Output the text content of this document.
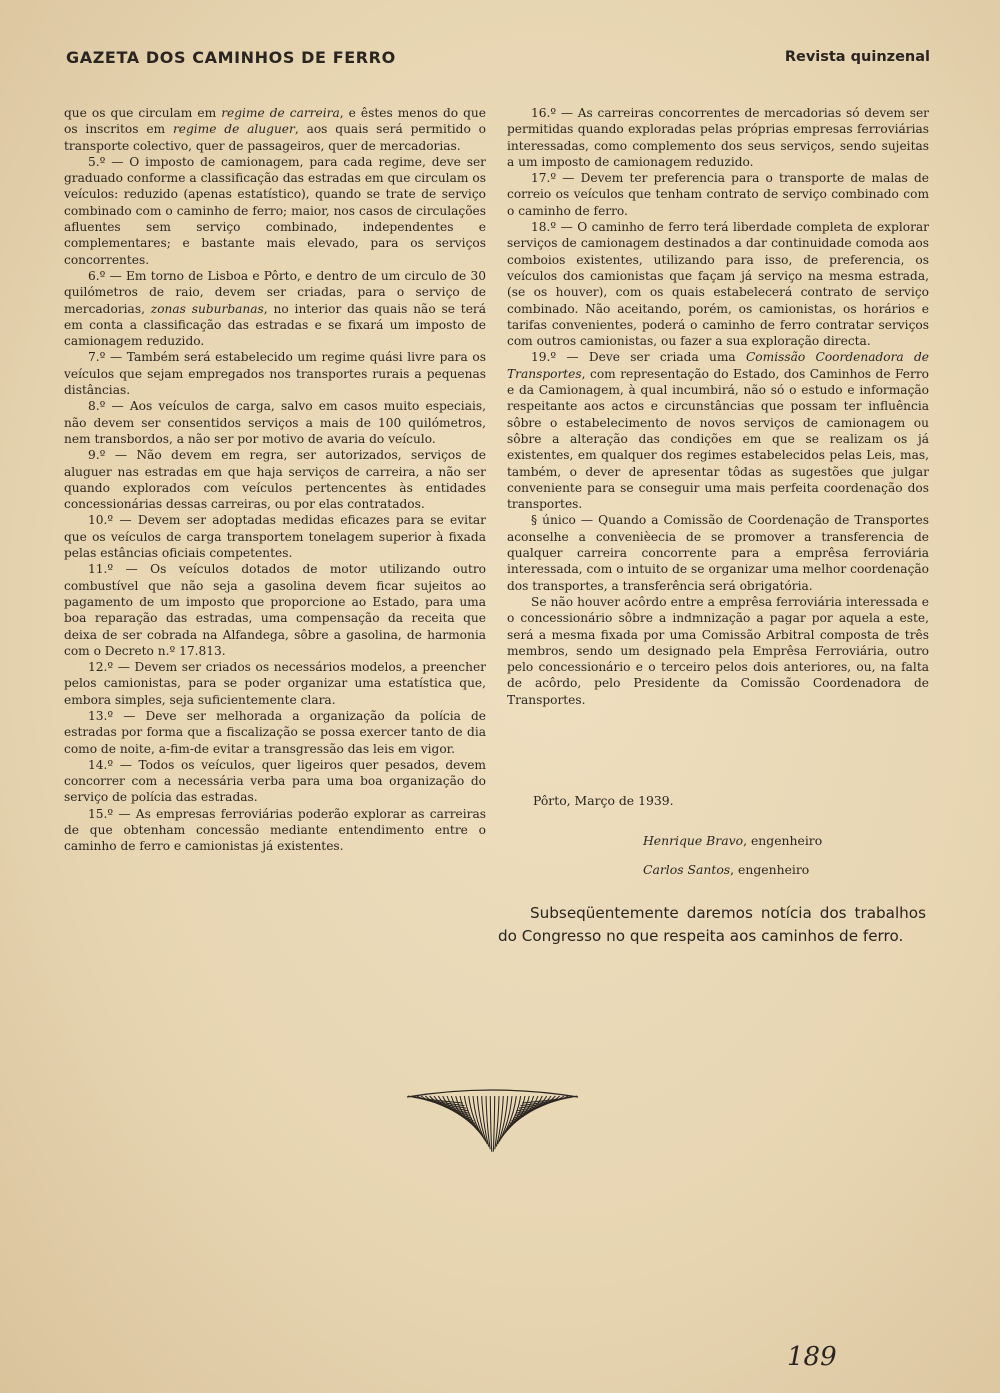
GAZETA DOS CAMINHOS DE FERRO	Revista quinzenal

que os que circulam em regime de carreira, e êstes menos do que os inscritos em regime de aluguer, aos quais será permitido o transporte colectivo, quer de passageiros, quer de mercadorias.

5.º — O imposto de camionagem, para cada regime, deve ser graduado conforme a classificação das estradas em que circulam os veículos: reduzido (apenas estatístico), quando se trate de serviço combinado com o caminho de ferro; maior, nos casos de circulações afluentes sem serviço combinado, independentes e complementares; e bastante mais elevado, para os serviços concorrentes.

6.º — Em torno de Lisboa e Pôrto, e dentro de um circulo de 30 quilómetros de raio, devem ser criadas, para o serviço de mercadorias, zonas suburbanas, no interior das quais não se terá em conta a classificação das estradas e se fixará um imposto de camionagem reduzido.

7.º — Também será estabelecido um regime quási livre para os veículos que sejam empregados nos transportes rurais a pequenas distâncias.

8.º — Aos veículos de carga, salvo em casos muito especiais, não devem ser consentidos serviços a mais de 100 quilómetros, nem transbordos, a não ser por motivo de avaria do veículo.

9.º — Não devem em regra, ser autorizados, serviços de aluguer nas estradas em que haja serviços de carreira, a não ser quando explorados com veículos pertencentes às entidades concessionárias dessas carreiras, ou por elas contratados.

10.º — Devem ser adoptadas medidas eficazes para se evitar que os veículos de carga transportem tonelagem superior à fixada pelas estâncias oficiais competentes.

11.º — Os veículos dotados de motor utilizando outro combustível que não seja a gasolina devem ficar sujeitos ao pagamento de um imposto que proporcione ao Estado, para uma boa reparação das estradas, uma compensação da receita que deixa de ser cobrada na Alfandega, sôbre a gasolina, de harmonia com o Decreto n.º 17.813.

12.º — Devem ser criados os necessários modelos, a preencher pelos camionistas, para se poder organizar uma estatística que, embora simples, seja suficientemente clara.

13.º — Deve ser melhorada a organização da polícia de estradas por forma que a fiscalização se possa exercer tanto de dia como de noite, a-fim-de evitar a transgressão das leis em vigor.

14.º — Todos os veículos, quer ligeiros quer pesados, devem concorrer com a necessária verba para uma boa organização do serviço de polícia das estradas.

15.º — As empresas ferroviárias poderão explorar as carreiras de que obtenham concessão mediante entendimento entre o caminho de ferro e camionistas já existentes.

16.º — As carreiras concorrentes de mercadorias só devem ser permitidas quando exploradas pelas próprias empresas ferroviárias interessadas, como complemento dos seus serviços, sendo sujeitas a um imposto de camionagem reduzido.

17.º — Devem ter preferencia para o transporte de malas de correio os veículos que tenham contrato de serviço combinado com o caminho de ferro.

18.º — O caminho de ferro terá liberdade completa de explorar serviços de camionagem destinados a dar continuidade comoda aos comboios existentes, utilizando para isso, de preferencia, os veículos dos camionistas que façam já serviço na mesma estrada, (se os houver), com os quais estabelecerá contrato de serviço combinado. Não aceitando, porém, os camionistas, os horários e tarifas convenientes, poderá o caminho de ferro contratar serviços com outros camionistas, ou fazer a sua exploração directa.

19.º — Deve ser criada uma Comissão Coordenadora de Transportes, com representação do Estado, dos Caminhos de Ferro e da Camionagem, à qual incumbirá, não só o estudo e informação respeitante aos actos e circunstâncias que possam ter influência sôbre o estabelecimento de novos serviços de camionagem ou sôbre a alteração das condições em que se realizam os já existentes, em qualquer dos regimes estabelecidos pelas Leis, mas, também, o dever de apresentar tôdas as sugestões que julgar conveniente para se conseguir uma mais perfeita coordenação dos transportes.

§ único — Quando a Comissão de Coordenação de Transportes aconselhe a convenièecia de se promover a transferencia de qualquer carreira concorrente para a emprêsa ferroviária interessada, com o intuito de se organizar uma melhor coordenação dos transportes, a transferência será obrigatória.

Se não houver acôrdo entre a emprêsa ferroviária interessada e o concessionário sôbre a indmnização a pagar por aquela a este, será a mesma fixada por uma Comissão Arbitral composta de três membros, sendo um designado pela Emprêsa Ferroviária, outro pelo concessionário e o terceiro pelos dois anteriores, ou, na falta de acôrdo, pelo Presidente da Comissão Coordenadora de Transportes.

Pôrto, Março de 1939.
Henrique Bravo, engenheiro
Carlos Santos, engenheiro

Subseqüentemente daremos notícia dos trabalhos do Congresso no que respeita aos caminhos de ferro.

189
